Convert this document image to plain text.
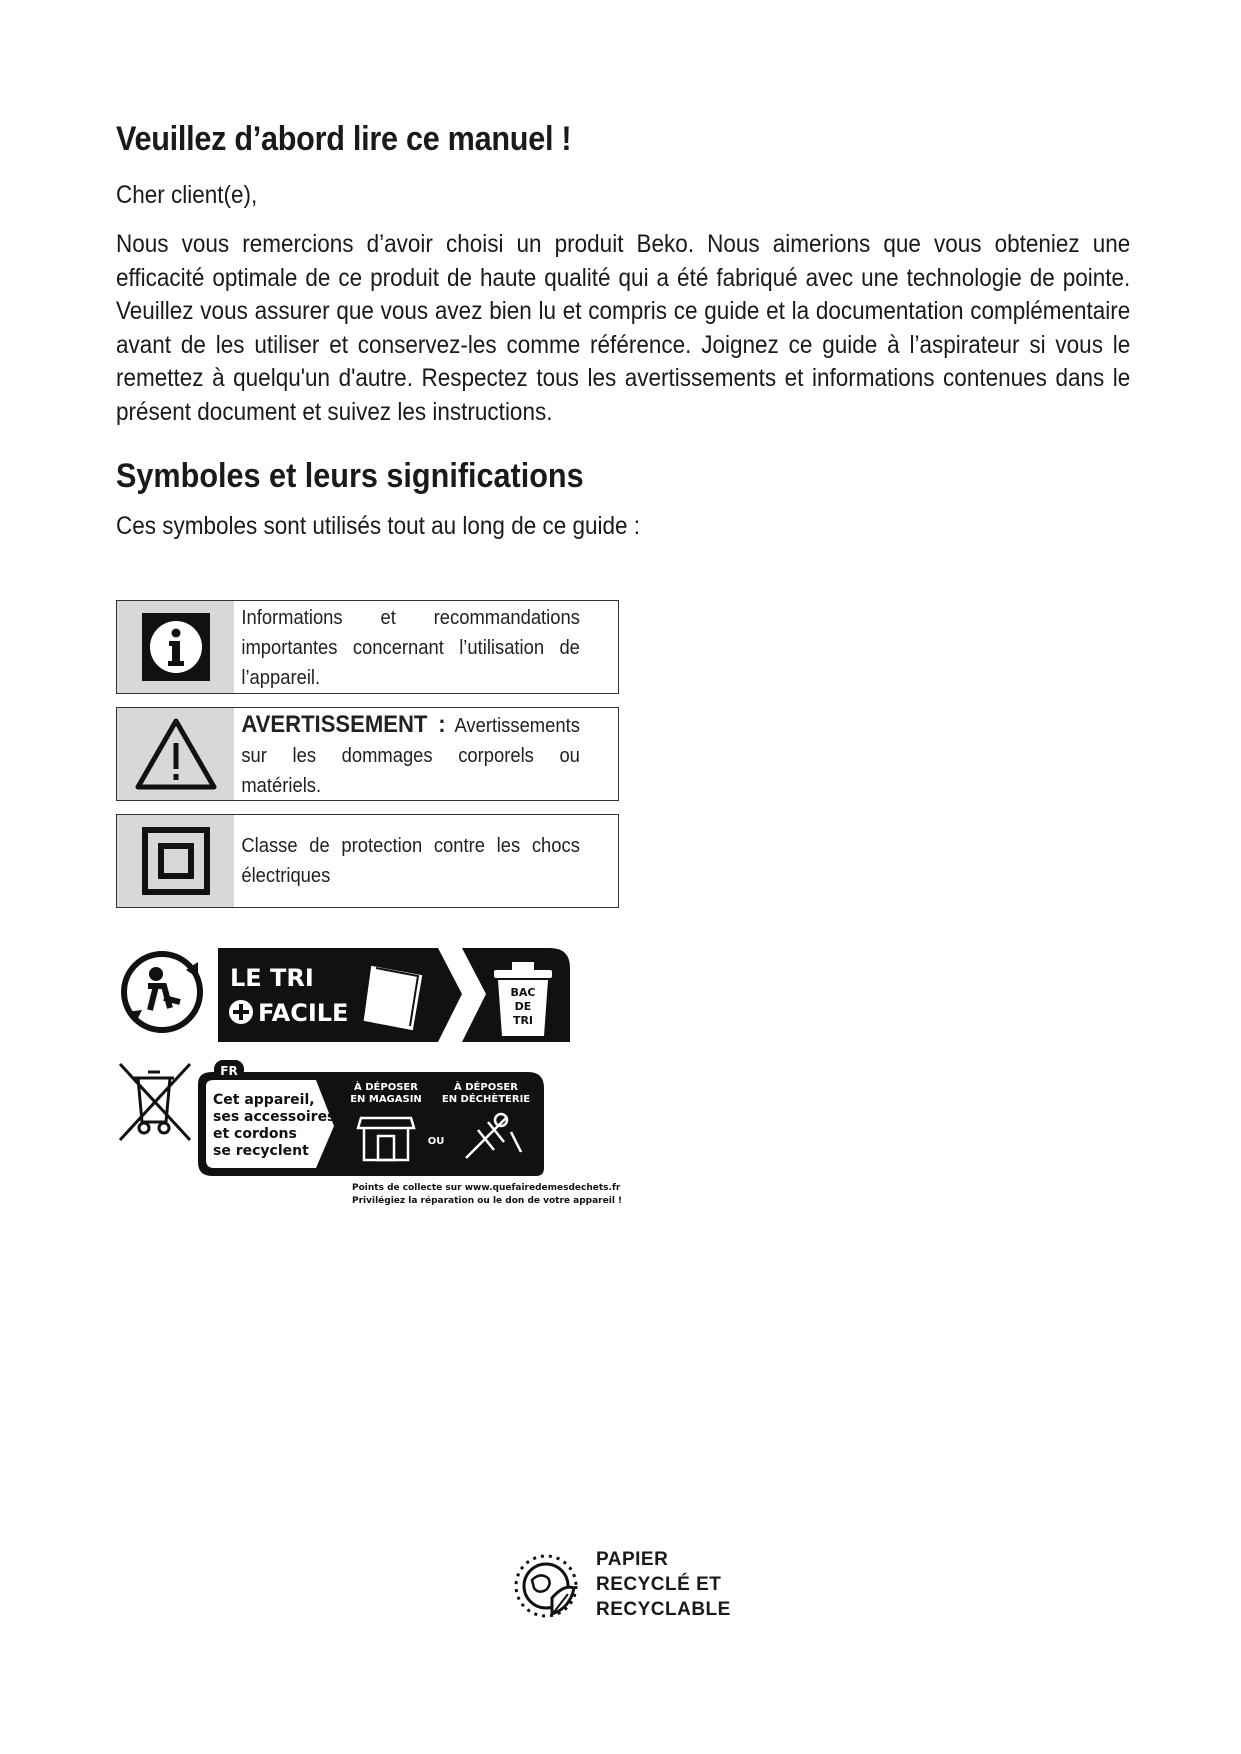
Veuillez d’abord lire ce manuel !

Cher client(e),

Nous vous remercions d’avoir choisi un produit Beko. Nous aimerions que vous obteniez une efficacité optimale de ce produit de haute qualité qui a été fabriqué avec une technologie de pointe. Veuillez vous assurer que vous avez bien lu et compris ce guide et la documentation complémentaire avant de les utiliser et conservez-les comme référence. Joignez ce guide à l’aspirateur si vous le remettez à quelqu'un d'autre. Respectez tous les avertissements et informations contenues dans le présent document et suivez les instructions.

Symboles et leurs significations

Ces symboles sont utilisés tout au long de ce guide :

Informations et recommandations importantes concernant l’utilisation de l’appareil.
AVERTISSEMENT : Avertissements sur les dommages corporels ou matériels.
Classe de protection contre les chocs électriques
LE TRI
FACILE
BAC
DE
TRI
FR
Cet appareil,
ses accessoires
et cordons
se recyclent
À DÉPOSER
EN MAGASIN
À DÉPOSER
EN DÉCHÈTERIE
OU
Points de collecte sur www.quefairedemesdechets.fr
Privilégiez la réparation ou le don de votre appareil !
PAPIER
RECYCLÉ ET
RECYCLABLE
